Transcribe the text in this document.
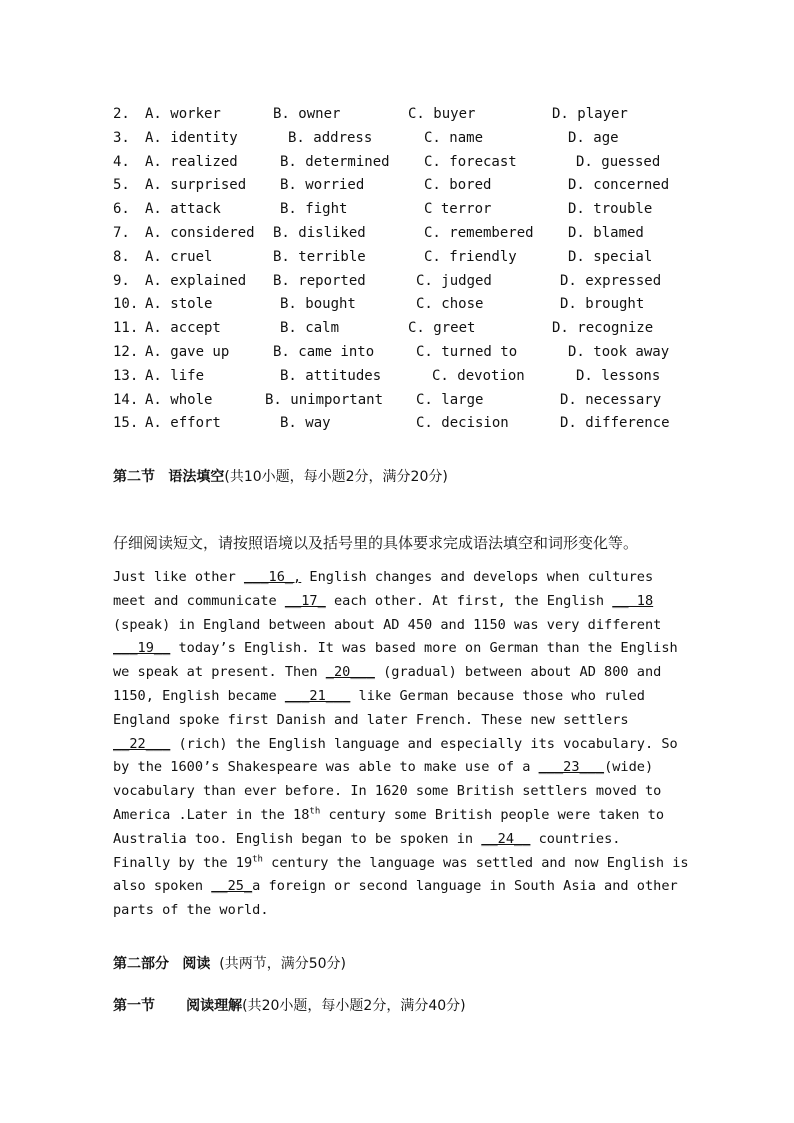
2. A. worker	B. owner	C. buyer	D. player
3. A. identity	B. address	C. name	D. age
4. A. realized	B. determined C. forecast	D. guessed
5. A. surprised B. worried	C. bored	D. concerned
6. A. attack	B. fight	C terror	D. trouble
7. A. considered B. disliked	C. remembered D. blamed
8. A. cruel	B. terrible	C. friendly	D. special
9. A. explained B. reported	C. judged	D. expressed
10. A. stole	B. bought	C. chose	D. brought
11. A. accept	B. calm	C. greet	D. recognize
12. A. gave up	B. came into	C. turned to	D. took away
13. A. life	B. attitudes	C. devotion	D. lessons
14. A. whole	B. unimportant C. large	D. necessary
15. A. effort	B. way	C. decision	D. difference
第二节 语法填空(共10小题，每小题2分，满分20分)
仔细阅读短文，请按照语境以及括号里的具体要求完成语法填空和词形变化等。
Just like other ___16_, English changes and develops when cultures
meet and communicate __17_ each other. At first, the English __ 18
(speak) in England between about AD 450 and 1150 was very different
___19__ today’s English. It was based more on German than the English
we speak at present. Then _20___ (gradual) between about AD 800 and
1150, English became ___21___ like German because those who ruled
England spoke first Danish and later French. These new settlers
__22___ (rich) the English language and especially its vocabulary. So
by the 1600’s Shakespeare was able to make use of a ___23___(wide)
vocabulary than ever before. In 1620 some British settlers moved to
America .Later in the 18th century some British people were taken to
Australia too. English began to be spoken in __24__ countries.
Finally by the 19th century the language was settled and now English is
also spoken __25_a foreign or second language in South Asia and other
parts of the world.
第二部分 阅读 (共两节，满分50分)
第一节 阅读理解(共20小题，每小题2分，满分40分)
